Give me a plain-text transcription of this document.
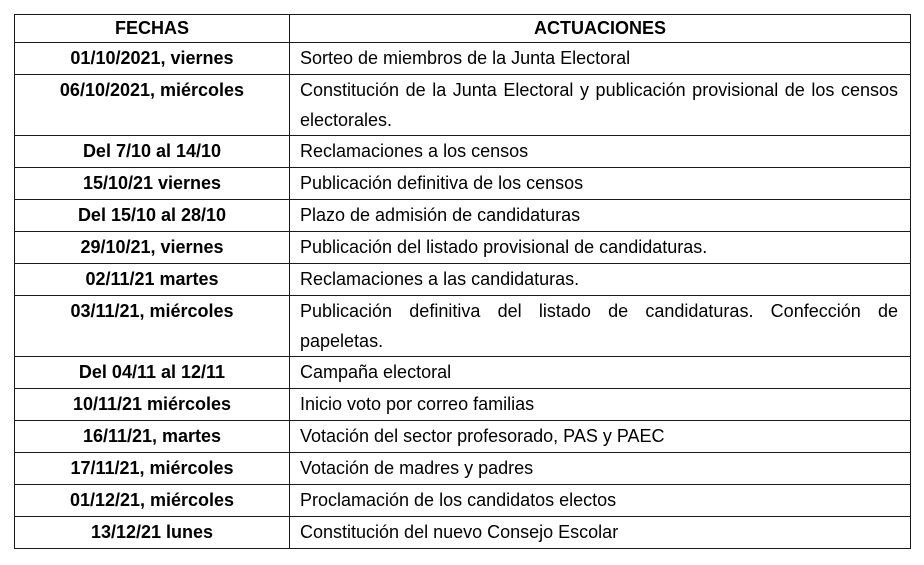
FECHAS	ACTUACIONES
01/10/2021, viernes	Sorteo de miembros de la Junta Electoral
06/10/2021, miércoles	Constitución de la Junta Electoral y publicación provisional de los censos electorales.
Del 7/10 al 14/10	Reclamaciones a los censos
15/10/21 viernes	Publicación definitiva de los censos
Del 15/10 al 28/10	Plazo de admisión de candidaturas
29/10/21, viernes	Publicación del listado provisional de candidaturas.
02/11/21 martes	Reclamaciones a las candidaturas.
03/11/21, miércoles	Publicación definitiva del listado de candidaturas. Confección de papeletas.
Del 04/11 al 12/11	Campaña electoral
10/11/21 miércoles	Inicio voto por correo familias
16/11/21, martes	Votación del sector profesorado, PAS y PAEC
17/11/21, miércoles	Votación de madres y padres
01/12/21, miércoles	Proclamación de los candidatos electos
13/12/21 lunes	Constitución del nuevo Consejo Escolar
